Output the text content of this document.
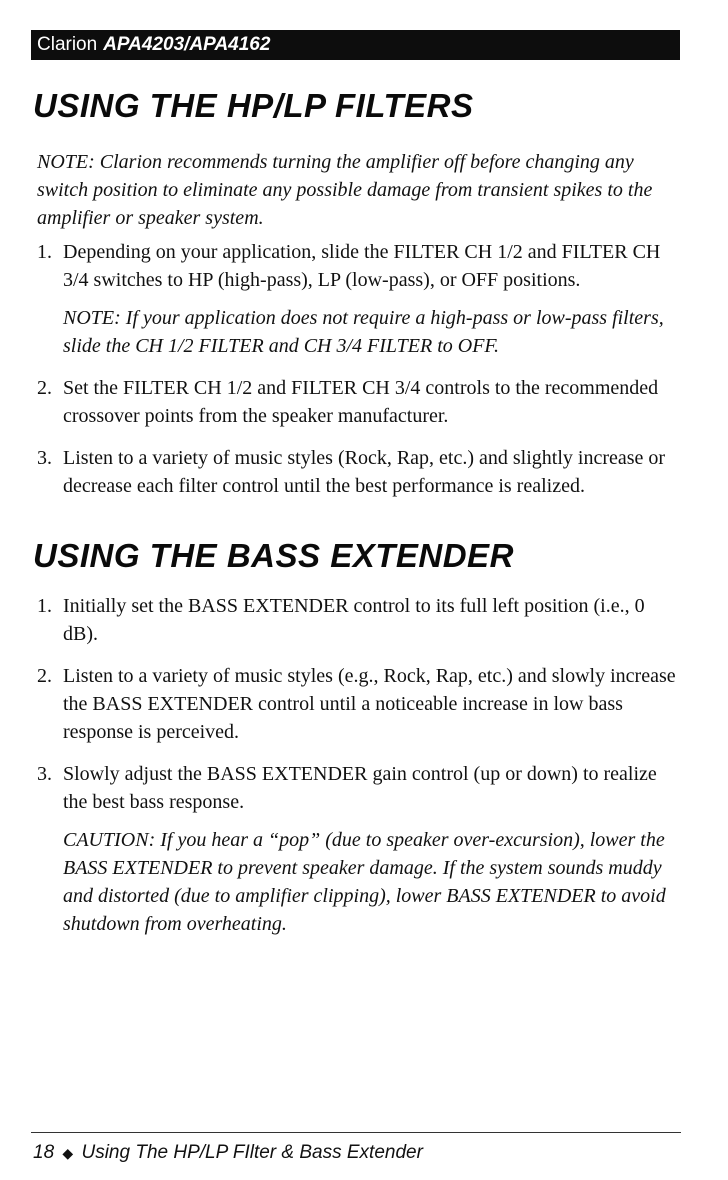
Clarion APA4203/APA4162
USING THE HP/LP FILTERS

NOTE: Clarion recommends turning the amplifier off before changing any switch position to eliminate any possible damage from transient spikes to the amplifier or speaker system.

1. Depending on your application, slide the FILTER CH 1/2 and FILTER CH 3/4 switches to HP (high-pass), LP (low-pass), or OFF positions.

NOTE: If your application does not require a high-pass or low-pass filters, slide the CH 1/2 FILTER and CH 3/4 FILTER to OFF.

2. Set the FILTER CH 1/2 and FILTER CH 3/4 controls to the recommended crossover points from the speaker manufacturer.
3. Listen to a variety of music styles (Rock, Rap, etc.) and slightly increase or decrease each filter control until the best performance is realized.
USING THE BASS EXTENDER
1. Initially set the BASS EXTENDER control to its full left position (i.e., 0 dB).
2. Listen to a variety of music styles (e.g., Rock, Rap, etc.) and slowly increase the BASS EXTENDER control until a noticeable increase in low bass response is perceived.
3. Slowly adjust the BASS EXTENDER gain control (up or down) to realize the best bass response.

CAUTION: If you hear a “pop” (due to speaker over-excursion), lower the BASS EXTENDER to prevent speaker damage. If the system sounds muddy and distorted (due to amplifier clipping), lower BASS EXTENDER to avoid shutdown from overheating.

18 ◆ Using The HP/LP FIlter & Bass Extender
